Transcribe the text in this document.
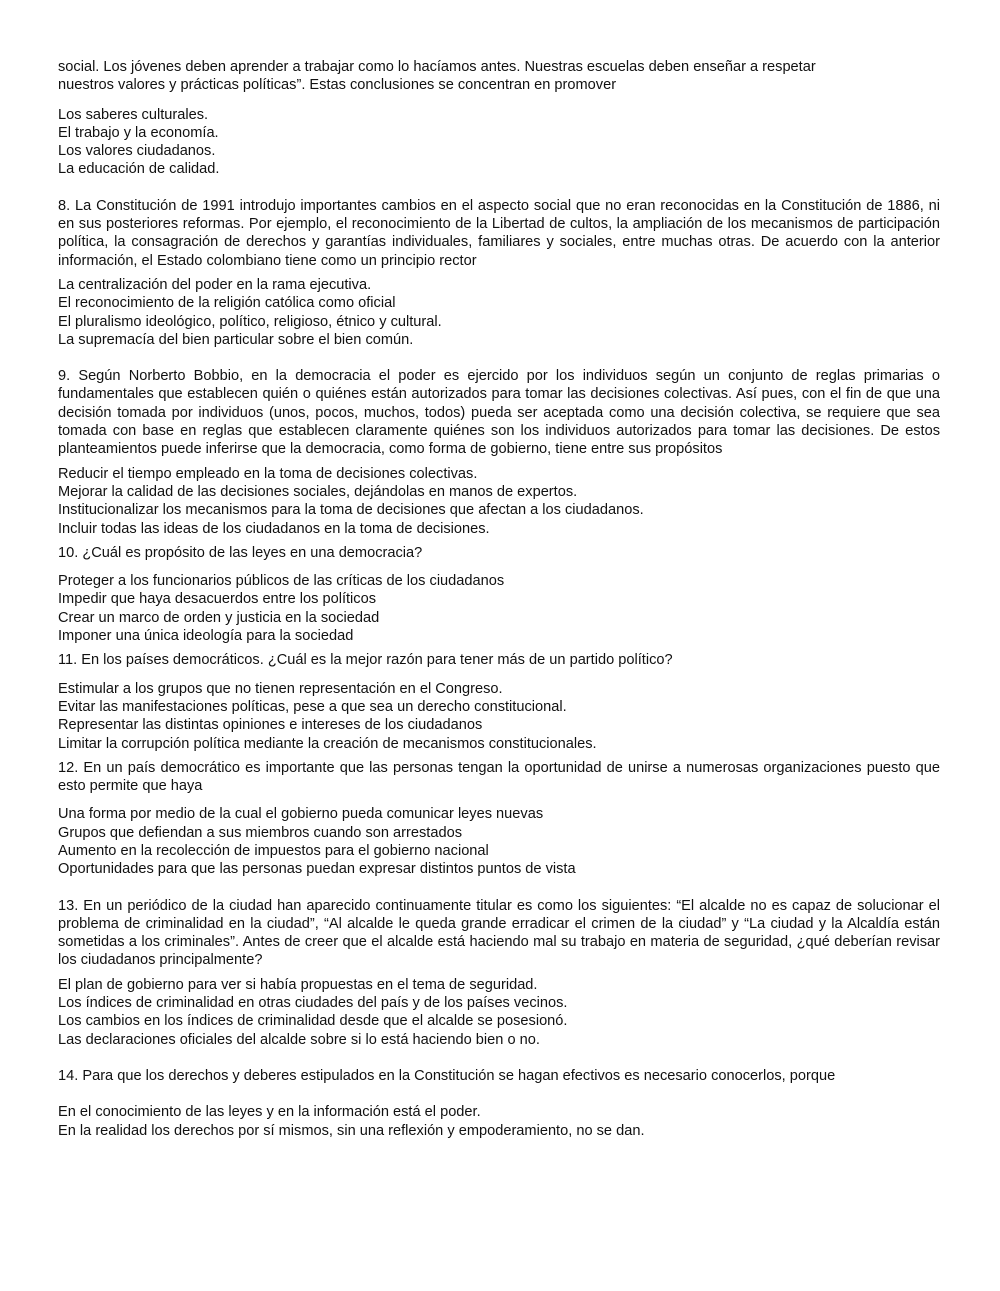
social. Los jóvenes deben aprender a trabajar como lo hacíamos antes. Nuestras escuelas deben enseñar a respetar
nuestros valores y prácticas políticas”. Estas conclusiones se concentran en promover

Los saberes culturales.
El trabajo y la economía.
Los valores ciudadanos.
La educación de calidad.

8. La Constitución de 1991 introdujo importantes cambios en el aspecto social que no eran reconocidas en la Constitución de 1886, ni en sus posteriores reformas. Por ejemplo, el reconocimiento de la Libertad de cultos, la ampliación de los mecanismos de participación política, la consagración de derechos y garantías individuales, familiares y sociales, entre muchas otras. De acuerdo con la anterior información, el Estado colombiano tiene como un principio rector

La centralización del poder en la rama ejecutiva.
El reconocimiento de la religión católica como oficial
El pluralismo ideológico, político, religioso, étnico y cultural.
La supremacía del bien particular sobre el bien común.

9. Según Norberto Bobbio, en la democracia el poder es ejercido por los individuos según un conjunto de reglas primarias o fundamentales que establecen quién o quiénes están autorizados para tomar las decisiones colectivas. Así pues, con el fin de que una decisión tomada por individuos (unos, pocos, muchos, todos) pueda ser aceptada como una decisión colectiva, se requiere que sea tomada con base en reglas que establecen claramente quiénes son los individuos autorizados para tomar las decisiones. De estos planteamientos puede inferirse que la democracia, como forma de gobierno, tiene entre sus propósitos

Reducir el tiempo empleado en la toma de decisiones colectivas.
Mejorar la calidad de las decisiones sociales, dejándolas en manos de expertos.
Institucionalizar los mecanismos para la toma de decisiones que afectan a los ciudadanos.
Incluir todas las ideas de los ciudadanos en la toma de decisiones.

10. ¿Cuál es propósito de las leyes en una democracia?

Proteger a los funcionarios públicos de las críticas de los ciudadanos
Impedir que haya desacuerdos entre los políticos
Crear un marco de orden y justicia en la sociedad
Imponer una única ideología para la sociedad

11. En los países democráticos. ¿Cuál es la mejor razón para tener más de un partido político?

Estimular a los grupos que no tienen representación en el Congreso.
Evitar las manifestaciones políticas, pese a que sea un derecho constitucional.
Representar las distintas opiniones e intereses de los ciudadanos
Limitar la corrupción política mediante la creación de mecanismos constitucionales.

12. En un país democrático es importante que las personas tengan la oportunidad de unirse a numerosas organizaciones puesto que esto permite que haya

Una forma por medio de la cual el gobierno pueda comunicar leyes nuevas
Grupos que defiendan a sus miembros cuando son arrestados
Aumento en la recolección de impuestos para el gobierno nacional
Oportunidades para que las personas puedan expresar distintos puntos de vista

13. En un periódico de la ciudad han aparecido continuamente titular es como los siguientes: “El alcalde no es capaz de solucionar el problema de criminalidad en la ciudad”, “Al alcalde le queda grande erradicar el crimen de la ciudad” y “La ciudad y la Alcaldía están sometidas a los criminales”. Antes de creer que el alcalde está haciendo mal su trabajo en materia de seguridad, ¿qué deberían revisar los ciudadanos principalmente?

El plan de gobierno para ver si había propuestas en el tema de seguridad.
Los índices de criminalidad en otras ciudades del país y de los países vecinos.
Los cambios en los índices de criminalidad desde que el alcalde se posesionó.
Las declaraciones oficiales del alcalde sobre si lo está haciendo bien o no.

14. Para que los derechos y deberes estipulados en la Constitución se hagan efectivos es necesario conocerlos, porque

En el conocimiento de las leyes y en la información está el poder.
En la realidad los derechos por sí mismos, sin una reflexión y empoderamiento, no se dan.
